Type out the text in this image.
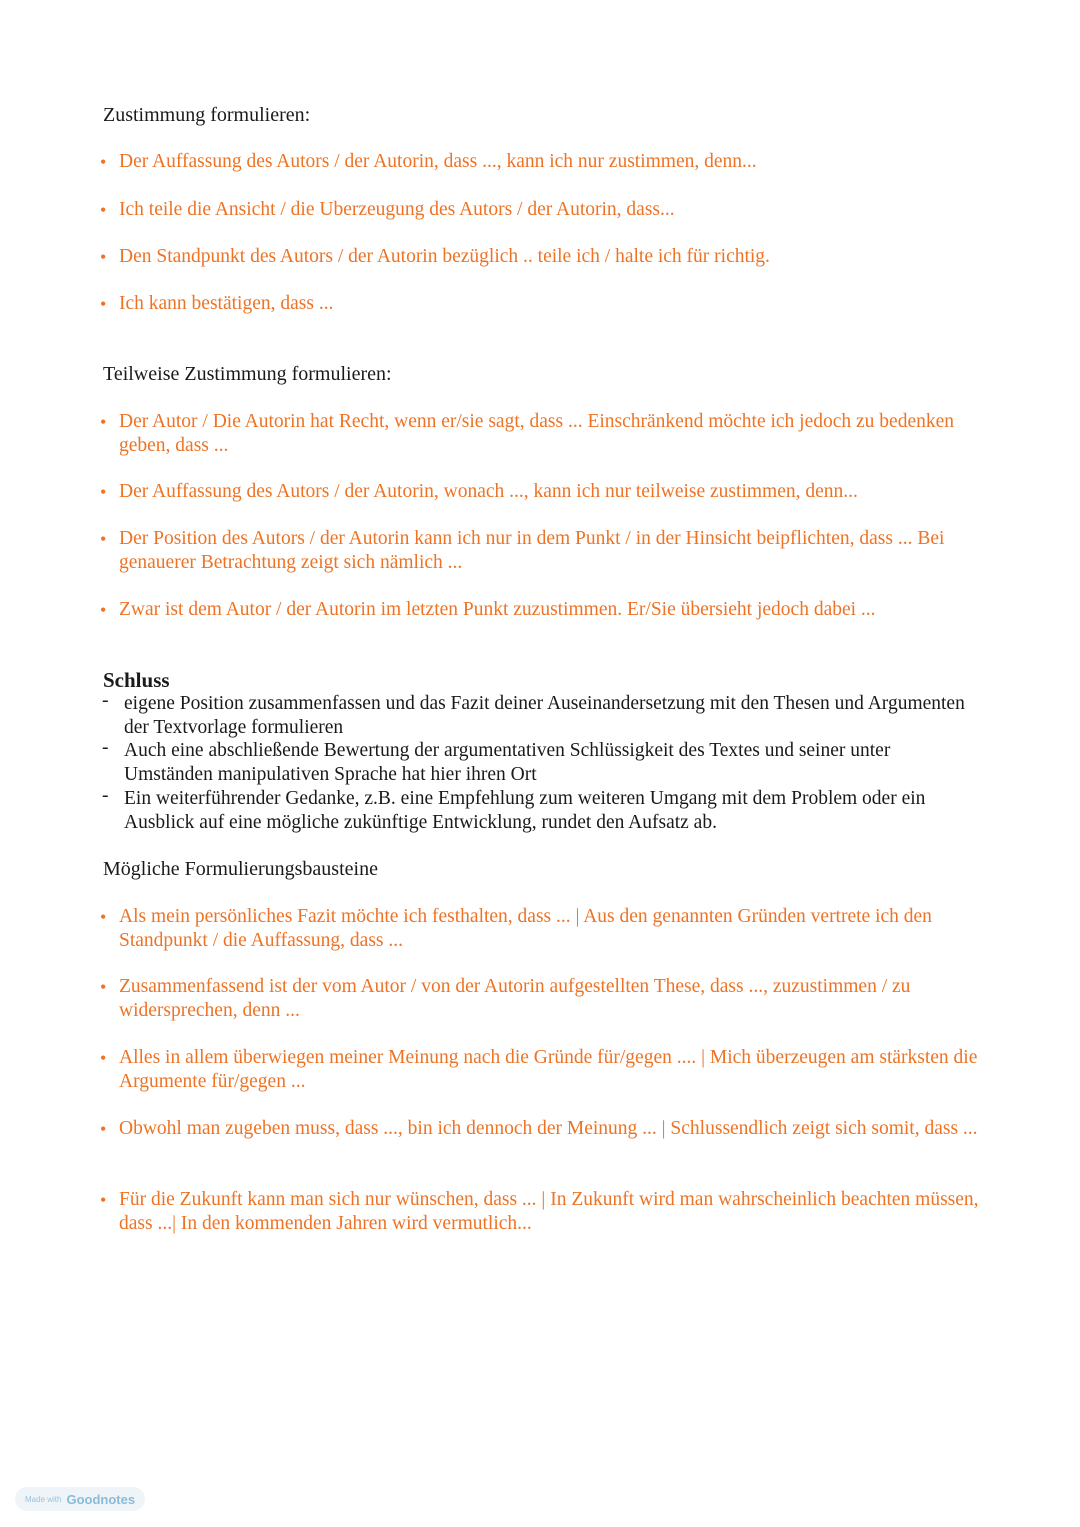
Zustimmung formulieren:
• Der Auffassung des Autors / der Autorin, dass ..., kann ich nur zustimmen, denn...
• Ich teile die Ansicht / die Uberzeugung des Autors / der Autorin, dass...
• Den Standpunkt des Autors / der Autorin bezüglich .. teile ich / halte ich für richtig.
• Ich kann bestätigen, dass ...
Teilweise Zustimmung formulieren:
• Der Autor / Die Autorin hat Recht, wenn er/sie sagt, dass ... Einschränkend möchte ich jedoch zu bedenken geben, dass ...
• Der Auffassung des Autors / der Autorin, wonach ..., kann ich nur teilweise zustimmen, denn...
• Der Position des Autors / der Autorin kann ich nur in dem Punkt / in der Hinsicht beipflichten, dass ... Bei genauerer Betrachtung zeigt sich nämlich ...
• Zwar ist dem Autor / der Autorin im letzten Punkt zuzustimmen. Er/Sie übersieht jedoch dabei ...
Schluss
- eigene Position zusammenfassen und das Fazit deiner Auseinandersetzung mit den Thesen und Argumenten der Textvorlage formulieren
- Auch eine abschließende Bewertung der argumentativen Schlüssigkeit des Textes und seiner unter Umständen manipulativen Sprache hat hier ihren Ort
- Ein weiterführender Gedanke, z.B. eine Empfehlung zum weiteren Umgang mit dem Problem oder ein Ausblick auf eine mögliche zukünftige Entwicklung, rundet den Aufsatz ab.
Mögliche Formulierungsbausteine
• Als mein persönliches Fazit möchte ich festhalten, dass ... | Aus den genannten Gründen vertrete ich den Standpunkt / die Auffassung, dass ...
• Zusammenfassend ist der vom Autor / von der Autorin aufgestellten These, dass ..., zuzustimmen / zu widersprechen, denn ...
• Alles in allem überwiegen meiner Meinung nach die Gründe für/gegen .... | Mich überzeugen am stärksten die Argumente für/gegen ...
• Obwohl man zugeben muss, dass ..., bin ich dennoch der Meinung ... | Schlussendlich zeigt sich somit, dass ...
• Für die Zukunft kann man sich nur wünschen, dass ... | In Zukunft wird man wahrscheinlich beachten müssen, dass ...| In den kommenden Jahren wird vermutlich...
Made with Goodnotes
